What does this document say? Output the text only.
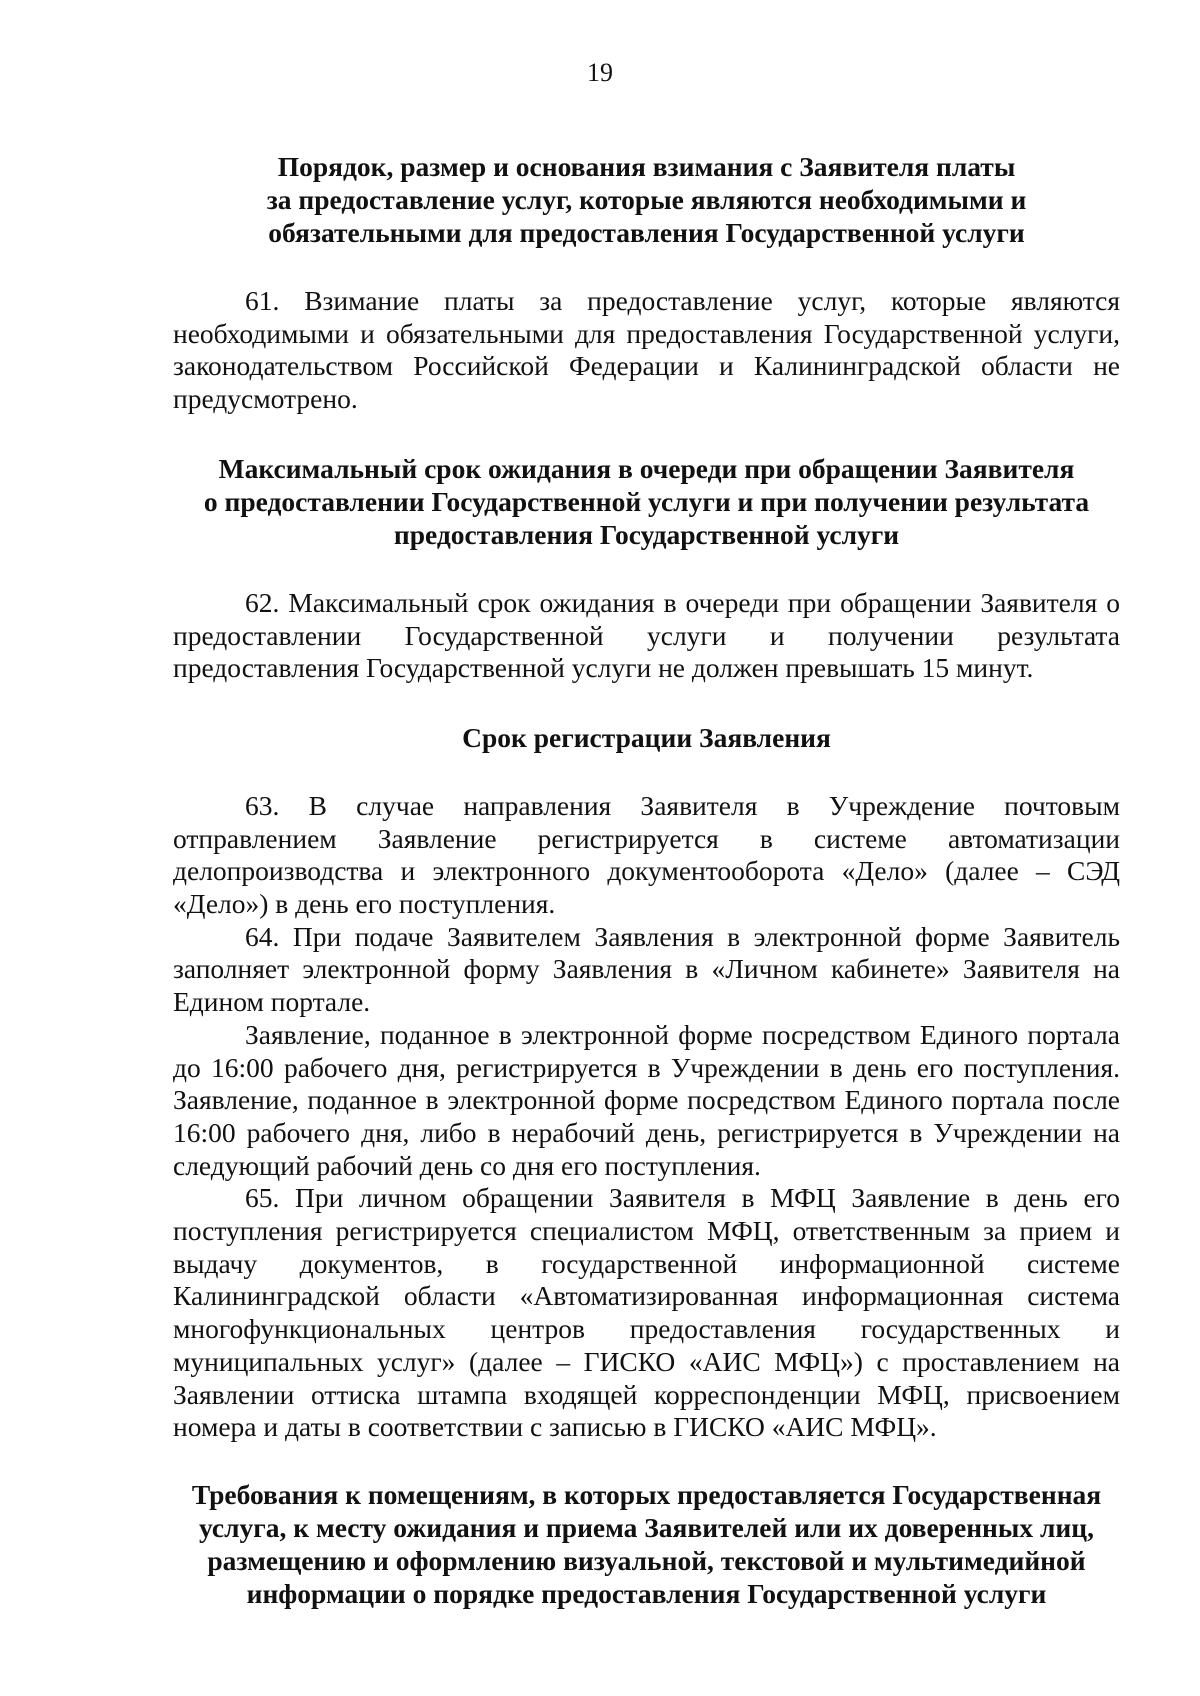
19
Порядок, размер и основания взимания с Заявителя платы
за предоставление услуг, которые являются необходимыми и
обязательными для предоставления Государственной услуги

61. Взимание платы за предоставление услуг, которые являются необходимыми и обязательными для предоставления Государственной услуги, законодательством Российской Федерации и Калининградской области не предусмотрено.

Максимальный срок ожидания в очереди при обращении Заявителя
о предоставлении Государственной услуги и при получении результата
предоставления Государственной услуги

62. Максимальный срок ожидания в очереди при обращении Заявителя о предоставлении Государственной услуги и получении результата предоставления Государственной услуги не должен превышать 15 минут.

Срок регистрации Заявления

63. В случае направления Заявителя в Учреждение почтовым отправлением Заявление регистрируется в системе автоматизации делопроизводства и электронного документооборота «Дело» (далее – СЭД «Дело») в день его поступления.

64. При подаче Заявителем Заявления в электронной форме Заявитель заполняет электронной форму Заявления в «Личном кабинете» Заявителя на Едином портале.

Заявление, поданное в электронной форме посредством Единого портала до 16:00 рабочего дня, регистрируется в Учреждении в день его поступления. Заявление, поданное в электронной форме посредством Единого портала после 16:00 рабочего дня, либо в нерабочий день, регистрируется в Учреждении на следующий рабочий день со дня его поступления.

65. При личном обращении Заявителя в МФЦ Заявление в день его поступления регистрируется специалистом МФЦ, ответственным за прием и выдачу документов, в государственной информационной системе Калининградской области «Автоматизированная информационная система многофункциональных центров предоставления государственных и муниципальных услуг» (далее – ГИСКО «АИС МФЦ») с проставлением на Заявлении оттиска штампа входящей корреспонденции МФЦ, присвоением номера и даты в соответствии с записью в ГИСКО «АИС МФЦ».

Требования к помещениям, в которых предоставляется Государственная
услуга, к месту ожидания и приема Заявителей или их доверенных лиц,
размещению и оформлению визуальной, текстовой и мультимедийной
информации о порядке предоставления Государственной услуги
